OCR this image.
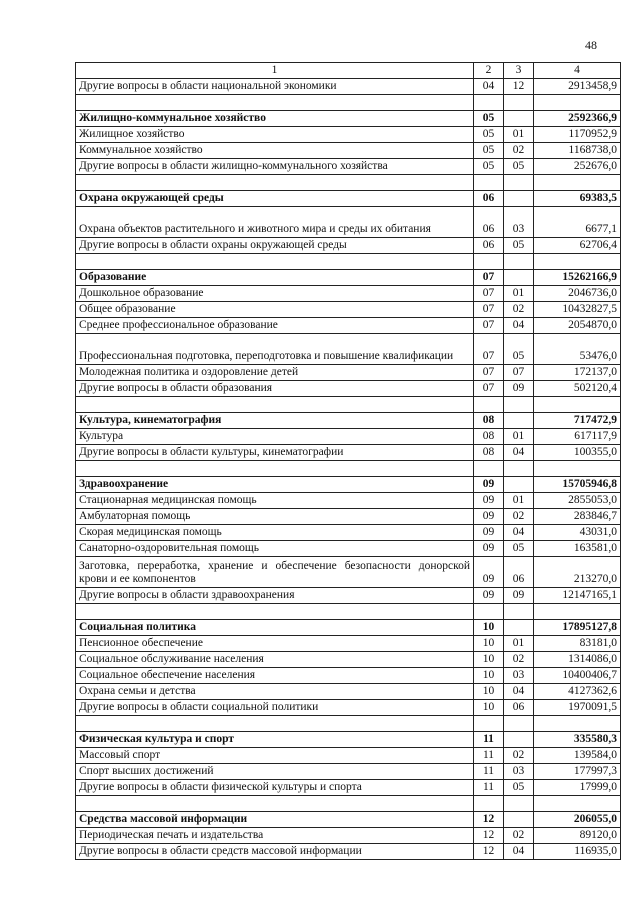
48
1	2	3	4
Другие вопросы в области национальной экономики	04	12	2913458,9

Жилищно-коммунальное хозяйство	05		2592366,9
Жилищное хозяйство	05	01	1170952,9
Коммунальное хозяйство	05	02	1168738,0
Другие вопросы в области жилищно-коммунального хозяйства	05	05	252676,0

Охрана окружающей среды	06		69383,5
Охрана объектов растительного и животного мира и среды их обитания	06	03	6677,1
Другие вопросы в области охраны окружающей среды	06	05	62706,4

Образование	07		15262166,9
Дошкольное образование	07	01	2046736,0
Общее образование	07	02	10432827,5
Среднее профессиональное образование	07	04	2054870,0
Профессиональная подготовка, переподготовка и повышение квалификации	07	05	53476,0
Молодежная политика и оздоровление детей	07	07	172137,0
Другие вопросы в области образования	07	09	502120,4

Культура, кинематография	08		717472,9
Культура	08	01	617117,9
Другие вопросы в области культуры, кинематографии	08	04	100355,0

Здравоохранение	09		15705946,8
Стационарная медицинская помощь	09	01	2855053,0
Амбулаторная помощь	09	02	283846,7
Скорая медицинская помощь	09	04	43031,0
Санаторно-оздоровительная помощь	09	05	163581,0
Заготовка, переработка, хранение и обеспечение безопасности донорской крови и ее компонентов	09	06	213270,0
Другие вопросы в области здравоохранения	09	09	12147165,1

Социальная политика	10		17895127,8
Пенсионное обеспечение	10	01	83181,0
Социальное обслуживание населения	10	02	1314086,0
Социальное обеспечение населения	10	03	10400406,7
Охрана семьи и детства	10	04	4127362,6
Другие вопросы в области социальной политики	10	06	1970091,5

Физическая культура и спорт	11		335580,3
Массовый спорт	11	02	139584,0
Спорт высших достижений	11	03	177997,3
Другие вопросы в области физической культуры и спорта	11	05	17999,0

Средства массовой информации	12		206055,0
Периодическая печать и издательства	12	02	89120,0
Другие вопросы в области средств массовой информации	12	04	116935,0
